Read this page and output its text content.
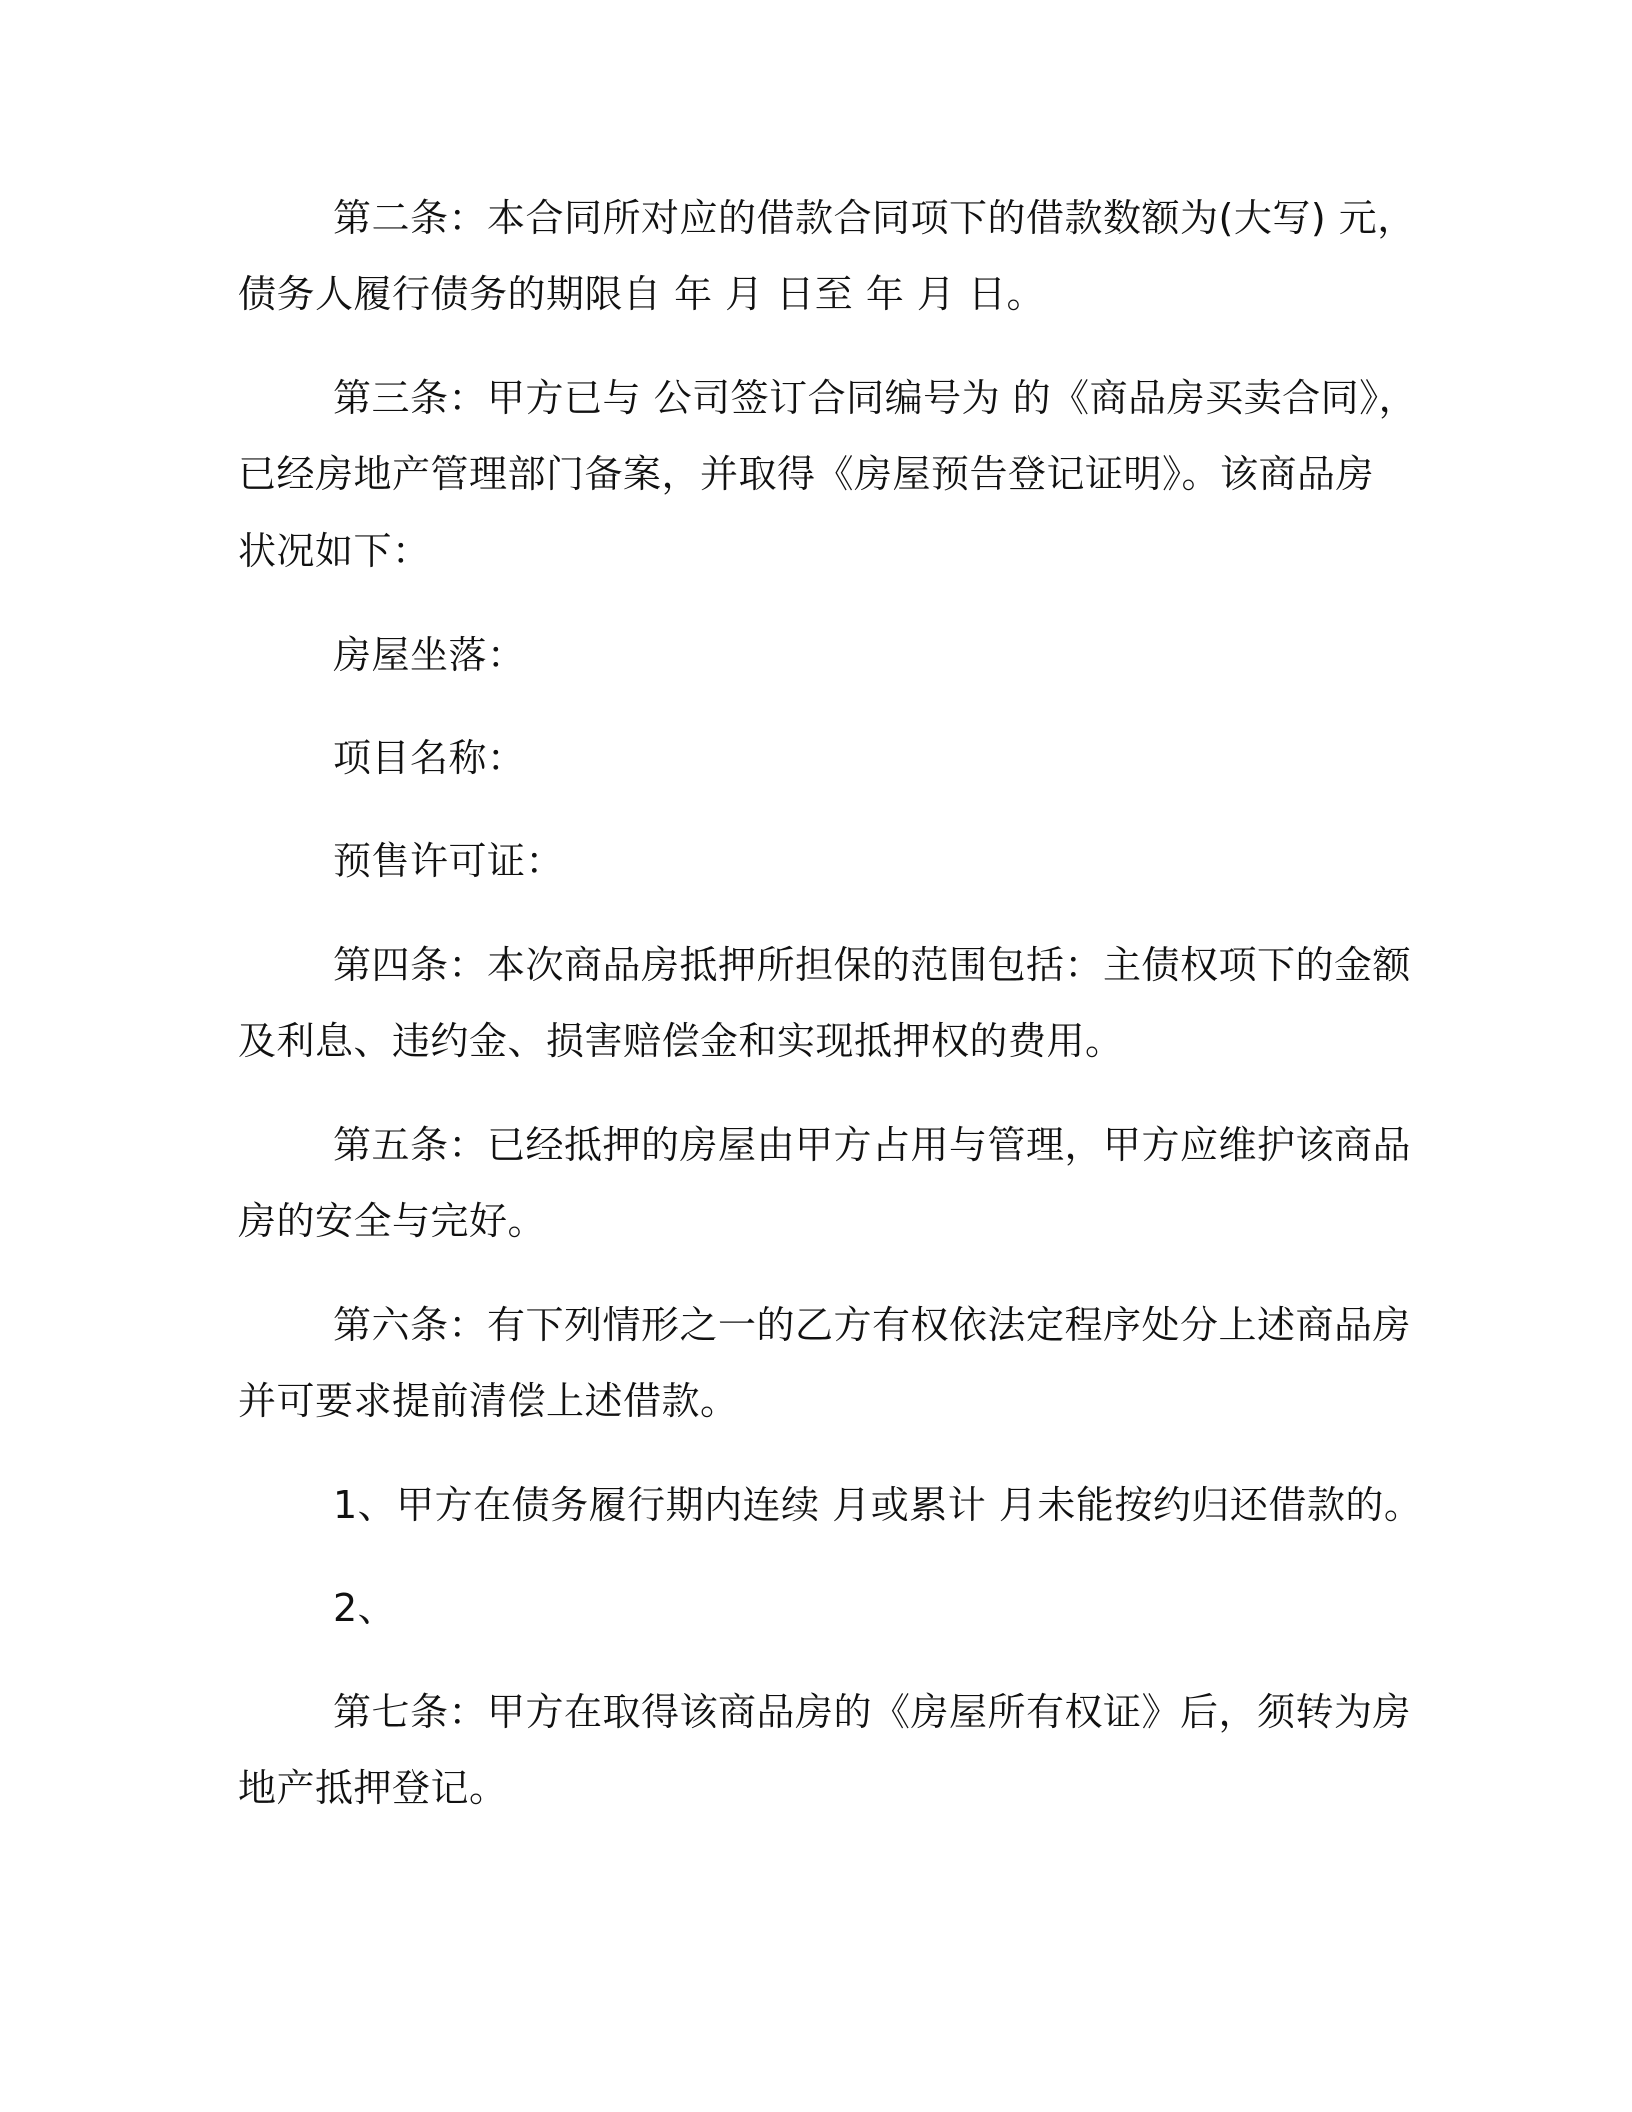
第二条：本合同所对应的借款合同项下的借款数额为(大写) 元，

债务人履行债务的期限自 年 月 日至 年 月 日。

第三条：甲方已与 公司签订合同编号为 的《商品房买卖合同》，

已经房地产管理部门备案，并取得《房屋预告登记证明》。该商品房

状况如下：

房屋坐落：

项目名称：

预售许可证：

第四条：本次商品房抵押所担保的范围包括：主债权项下的金额

及利息、违约金、损害赔偿金和实现抵押权的费用。

第五条：已经抵押的房屋由甲方占用与管理，甲方应维护该商品

房的安全与完好。

第六条：有下列情形之一的乙方有权依法定程序处分上述商品房

并可要求提前清偿上述借款。

1、甲方在债务履行期内连续 月或累计 月未能按约归还借款的。

2、

第七条：甲方在取得该商品房的《房屋所有权证》后，须转为房

地产抵押登记。
